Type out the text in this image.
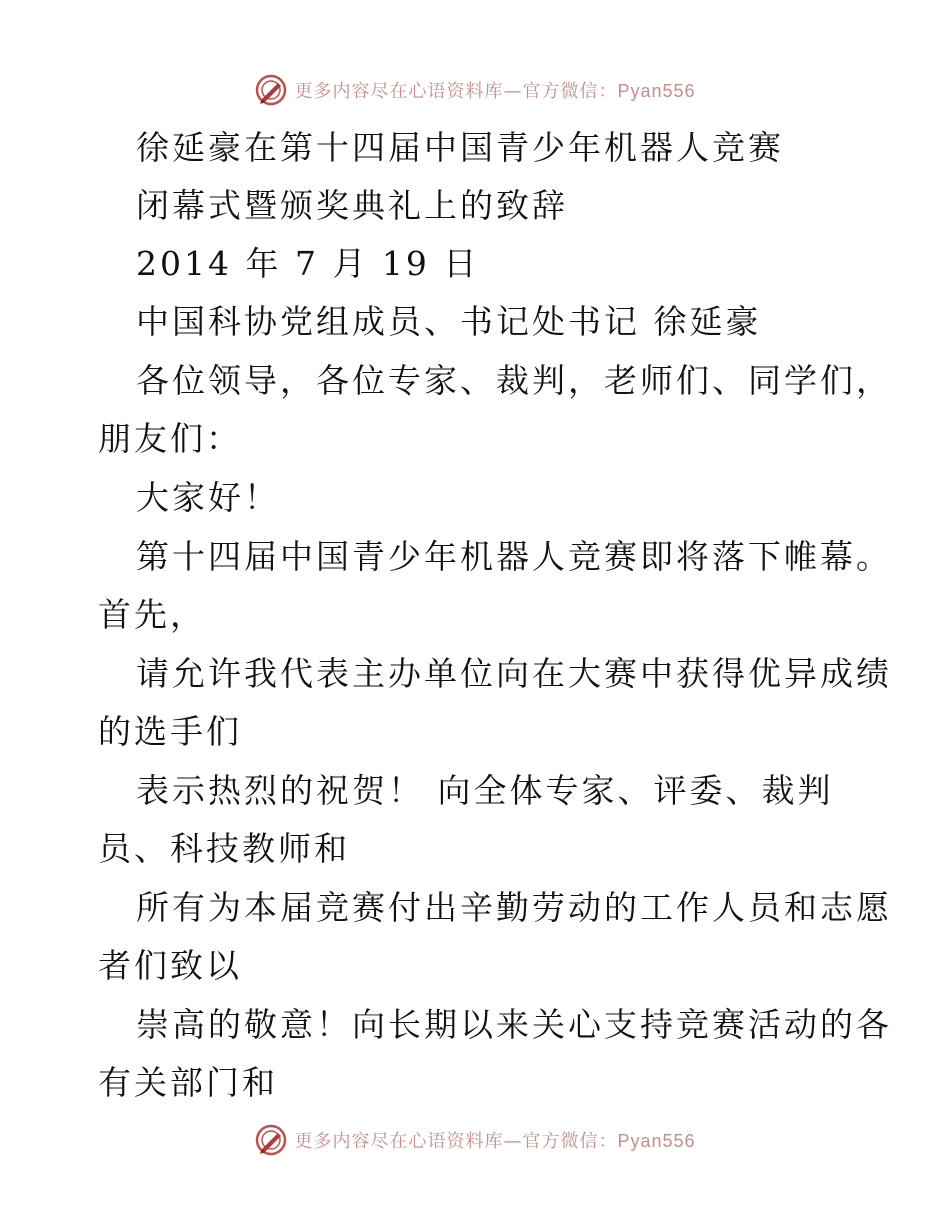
更多内容尽在心语资料库—官方微信：Pyan556
徐延豪在第十四届中国青少年机器人竞赛
闭幕式暨颁奖典礼上的致辞
2014 年 7 月 19 日
中国科协党组成员、书记处书记 徐延豪
各位领导，各位专家、裁判，老师们、同学们，
朋友们：
大家好！
第十四届中国青少年机器人竞赛即将落下帷幕。
首先，
请允许我代表主办单位向在大赛中获得优异成绩
的选手们
表示热烈的祝贺！ 向全体专家、评委、裁判
员、科技教师和
所有为本届竞赛付出辛勤劳动的工作人员和志愿
者们致以
崇高的敬意！向长期以来关心支持竞赛活动的各
有关部门和
更多内容尽在心语资料库—官方微信：Pyan556
